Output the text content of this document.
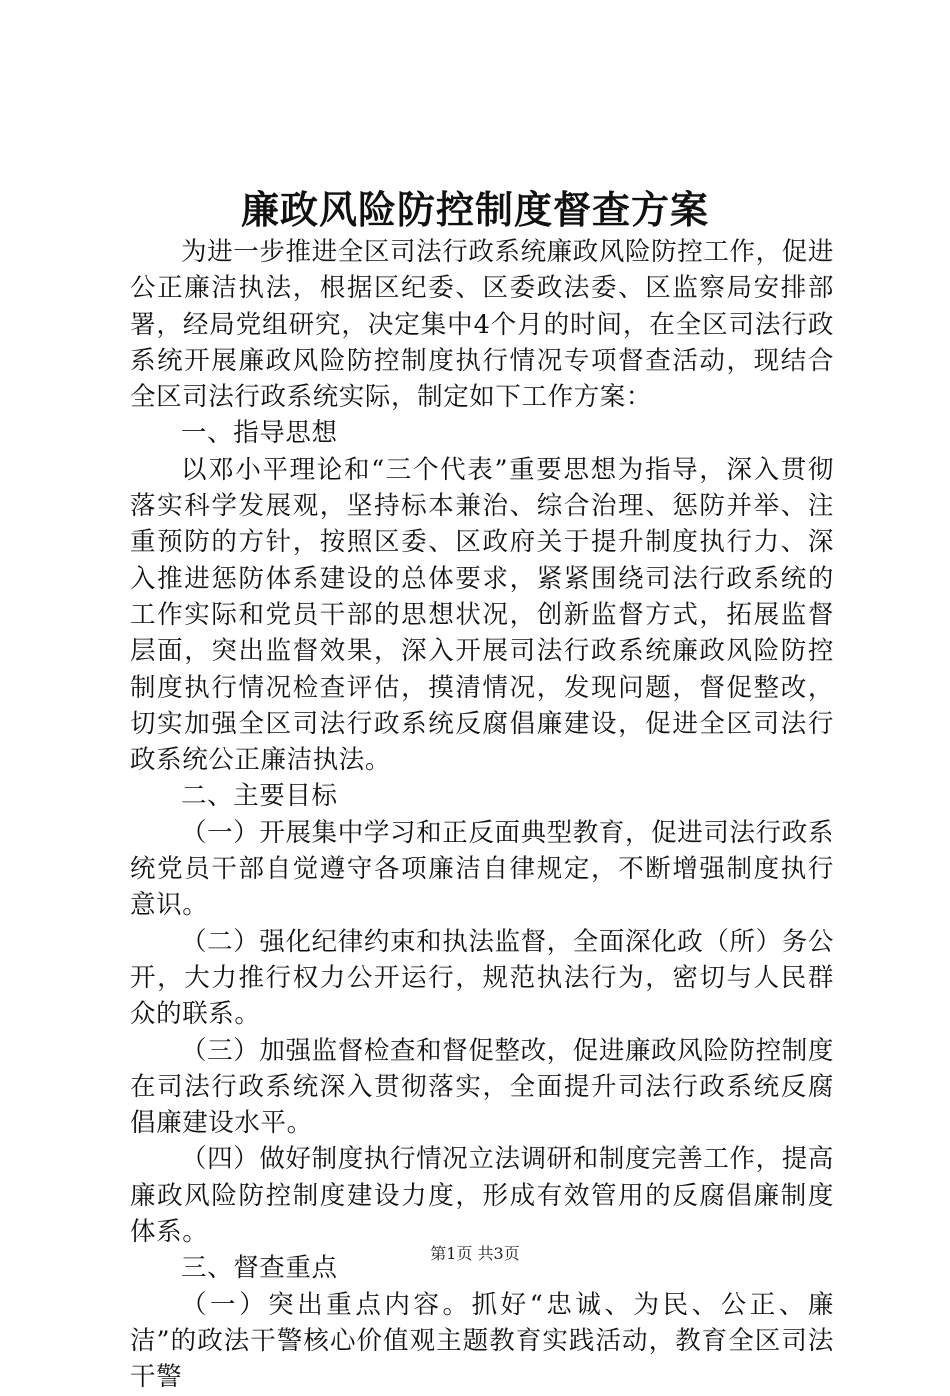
廉政风险防控制度督查方案

为进一步推进全区司法行政系统廉政风险防控工作，促进公正廉洁执法，根据区纪委、区委政法委、区监察局安排部署，经局党组研究，决定集中4个月的时间，在全区司法行政系统开展廉政风险防控制度执行情况专项督查活动，现结合全区司法行政系统实际，制定如下工作方案：

一、指导思想

以邓小平理论和“三个代表”重要思想为指导，深入贯彻落实科学发展观，坚持标本兼治、综合治理、惩防并举、注重预防的方针，按照区委、区政府关于提升制度执行力、深入推进惩防体系建设的总体要求，紧紧围绕司法行政系统的工作实际和党员干部的思想状况，创新监督方式，拓展监督层面，突出监督效果，深入开展司法行政系统廉政风险防控制度执行情况检查评估，摸清情况，发现问题，督促整改，切实加强全区司法行政系统反腐倡廉建设，促进全区司法行政系统公正廉洁执法。

二、主要目标

（一）开展集中学习和正反面典型教育，促进司法行政系统党员干部自觉遵守各项廉洁自律规定，不断增强制度执行意识。

（二）强化纪律约束和执法监督，全面深化政（所）务公开，大力推行权力公开运行，规范执法行为，密切与人民群众的联系。

（三）加强监督检查和督促整改，促进廉政风险防控制度在司法行政系统深入贯彻落实，全面提升司法行政系统反腐倡廉建设水平。

（四）做好制度执行情况立法调研和制度完善工作，提高廉政风险防控制度建设力度，形成有效管用的反腐倡廉制度体系。

三、督查重点

（一）突出重点内容。抓好“忠诚、为民、公正、廉洁”的政法干警核心价值观主题教育实践活动，教育全区司法干警

第1页 共3页
